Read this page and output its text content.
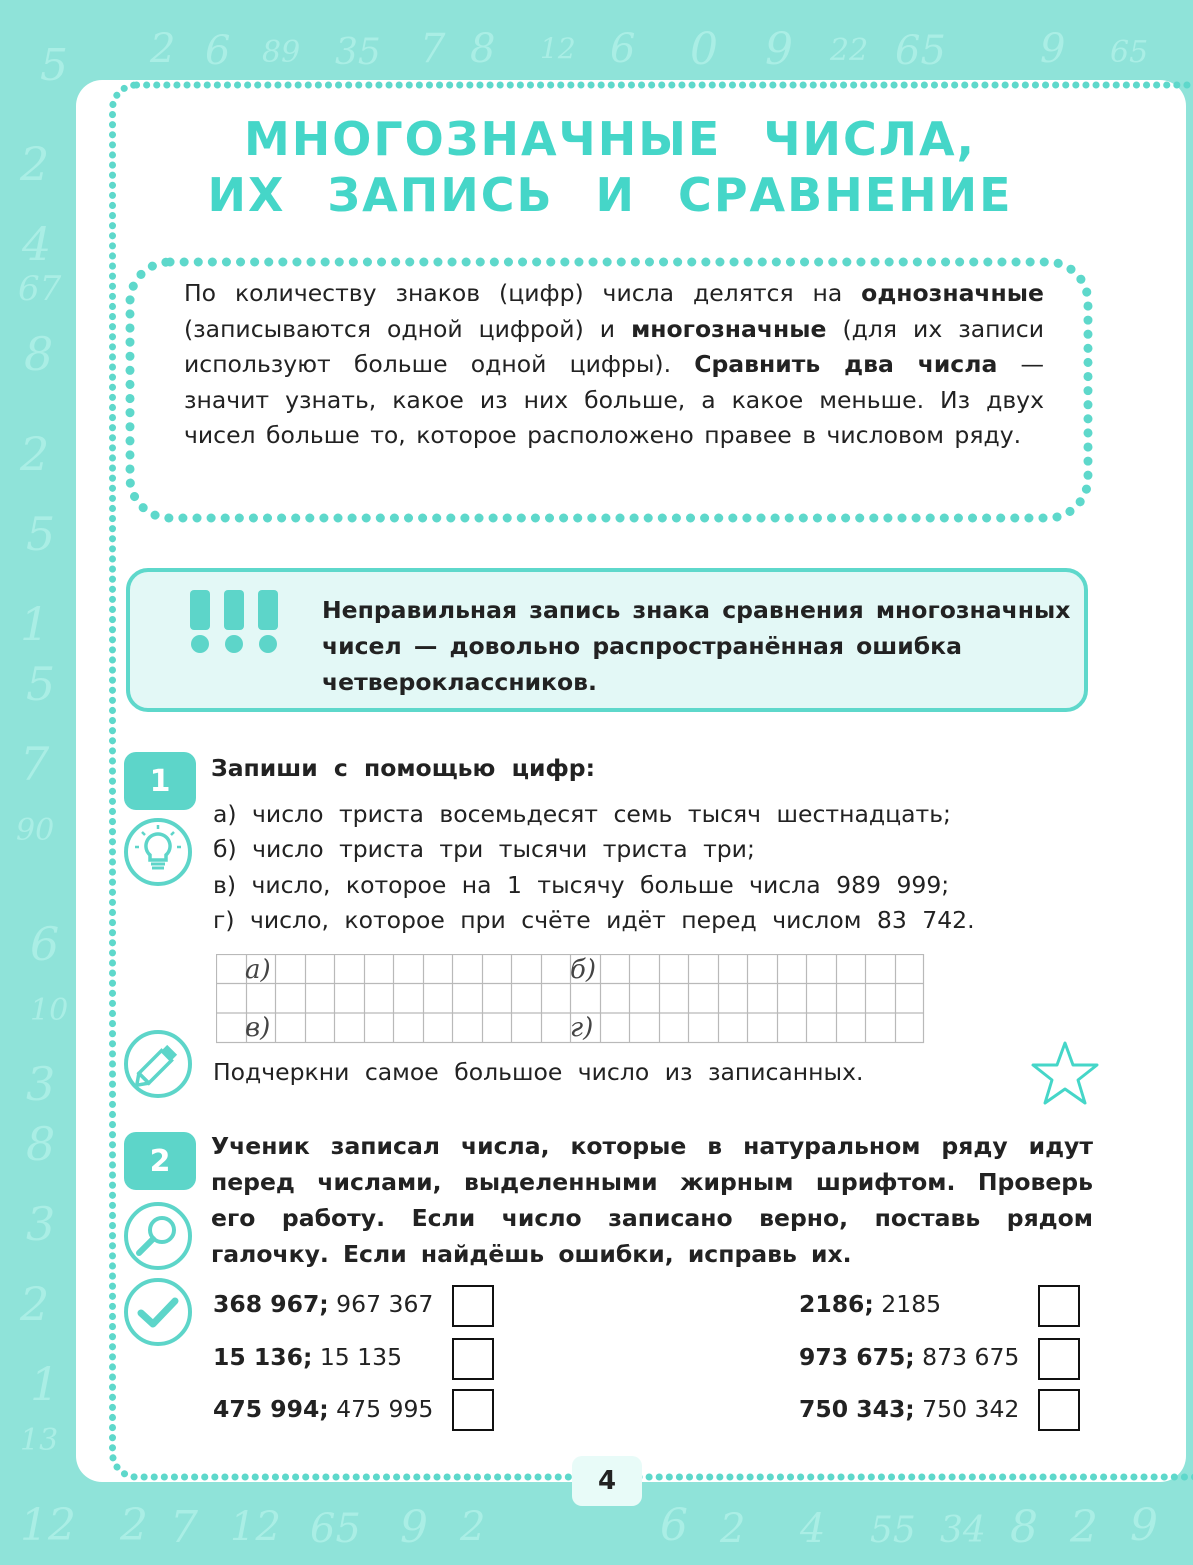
5 2 6 89 35 7 8 12 6 0 9 22 65 9 65
2
4
67
8
2
5
1
5
7
90
6
10
3
8
3
2
1
13
12 2 7 12 65 9 2	6 2 4 55 34 8 2 9
МНОГОЗНАЧНЫЕ ЧИСЛА,
ИХ ЗАПИСЬ И СРАВНЕНИЕ
По количеству знаков (цифр) числа делятся на однозначные (записываются одной цифрой) и многозначные (для их записи используют больше одной цифры). Сравнить два числа — значит узнать, какое из них больше, а какое меньше. Из двух чисел больше то, которое расположено правее в числовом ряду.
Неправильная запись знака сравнения многозначных чисел — довольно распространённая ошибка четвероклассников.
1	Запиши с помощью цифр:
а) число триста восемьдесят семь тысяч шестнадцать;
б) число триста три тысячи триста три;
в) число, которое на 1 тысячу больше числа 989 999;
г) число, которое при счёте идёт перед числом 83 742.
а)	б)
в)	г)
Подчеркни самое большое число из записанных.
2	Ученик записал числа, которые в натуральном ряду идут перед числами, выделенными жирным шрифтом. Проверь его работу. Если число записано верно, поставь рядом галочку. Если найдёшь ошибки, исправь их.
368 967; 967 367
15 136; 15 135
475 994; 475 995
2186; 2185
973 675; 873 675
750 343; 750 342
4
